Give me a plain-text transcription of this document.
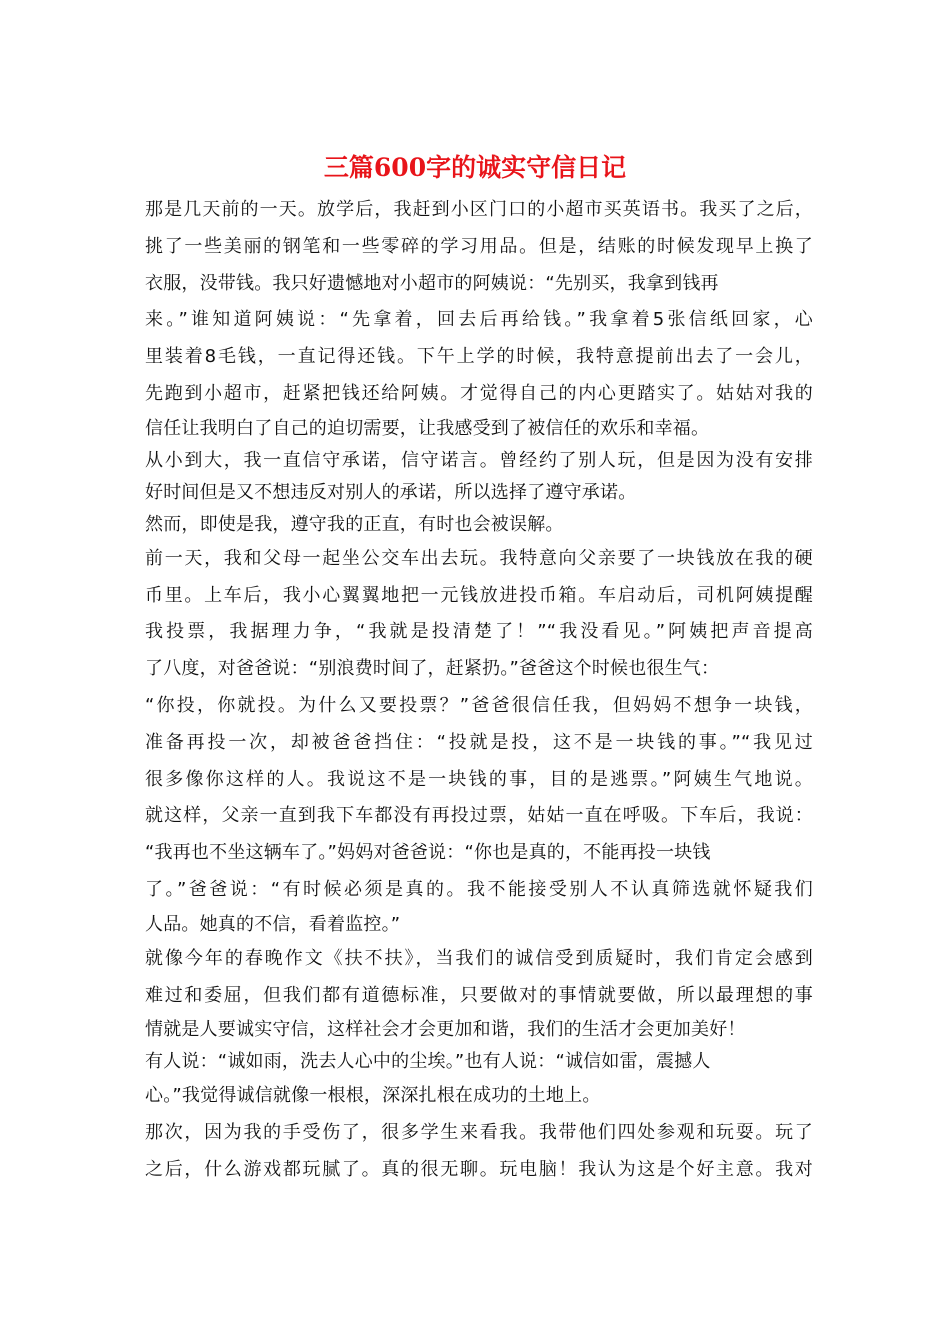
三篇600字的诚实守信日记
那是几天前的一天。放学后，我赶到小区门口的小超市买英语书。我买了之后，
挑了一些美丽的钢笔和一些零碎的学习用品。但是，结账的时候发现早上换了
衣服，没带钱。我只好遗憾地对小超市的阿姨说：“先别买，我拿到钱再
来。”谁知道阿姨说：“先拿着，回去后再给钱。”我拿着5张信纸回家，心
里装着8毛钱，一直记得还钱。下午上学的时候，我特意提前出去了一会儿，
先跑到小超市，赶紧把钱还给阿姨。才觉得自己的内心更踏实了。姑姑对我的
信任让我明白了自己的迫切需要，让我感受到了被信任的欢乐和幸福。
从小到大，我一直信守承诺，信守诺言。曾经约了别人玩，但是因为没有安排
好时间但是又不想违反对别人的承诺，所以选择了遵守承诺。
然而，即使是我，遵守我的正直，有时也会被误解。
前一天，我和父母一起坐公交车出去玩。我特意向父亲要了一块钱放在我的硬
币里。上车后，我小心翼翼地把一元钱放进投币箱。车启动后，司机阿姨提醒
我投票，我据理力争，“我就是投清楚了！”“我没看见。”阿姨把声音提高
了八度，对爸爸说：“别浪费时间了，赶紧扔。”爸爸这个时候也很生气：
“你投，你就投。为什么又要投票？”爸爸很信任我，但妈妈不想争一块钱，
准备再投一次，却被爸爸挡住：“投就是投，这不是一块钱的事。”“我见过
很多像你这样的人。我说这不是一块钱的事，目的是逃票。”阿姨生气地说。
就这样，父亲一直到我下车都没有再投过票，姑姑一直在呼吸。下车后，我说：
“我再也不坐这辆车了。”妈妈对爸爸说：“你也是真的，不能再投一块钱
了。”爸爸说：“有时候必须是真的。我不能接受别人不认真筛选就怀疑我们
人品。她真的不信，看着监控。”
就像今年的春晚作文《扶不扶》，当我们的诚信受到质疑时，我们肯定会感到
难过和委屈，但我们都有道德标准，只要做对的事情就要做，所以最理想的事
情就是人要诚实守信，这样社会才会更加和谐，我们的生活才会更加美好！
有人说：“诚如雨，洗去人心中的尘埃。”也有人说：“诚信如雷，震撼人
心。”我觉得诚信就像一根根，深深扎根在成功的土地上。
那次，因为我的手受伤了，很多学生来看我。我带他们四处参观和玩耍。玩了
之后，什么游戏都玩腻了。真的很无聊。玩电脑！我认为这是个好主意。我对
